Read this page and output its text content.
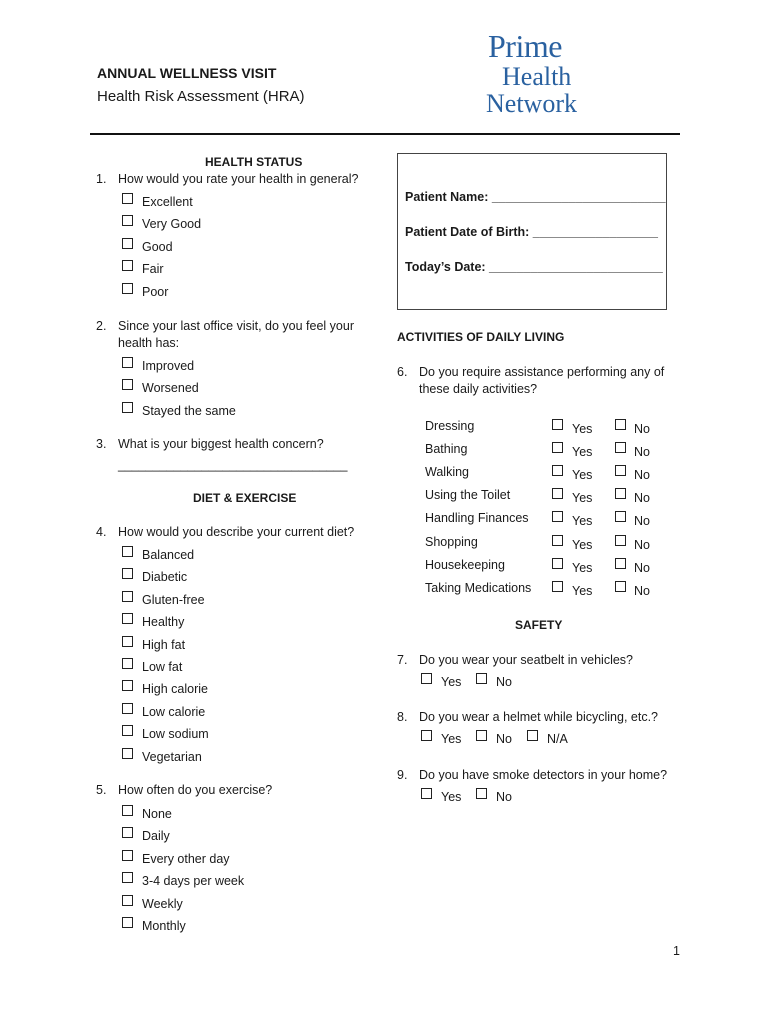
ANNUAL WELLNESS VISIT
Health Risk Assessment (HRA)
Prime
Health
Network
Patient Name: _________________________
Patient Date of Birth: __________________
Today’s Date: _________________________
HEALTH STATUS
1. How would you rate your health in general?
Excellent
Very Good
Good
Fair
Poor
2. Since your last office visit, do you feel your
health has:
Improved
Worsened
Stayed the same
3. What is your biggest health concern?
_________________________________
DIET & EXERCISE
4. How would you describe your current diet?
Balanced
Diabetic
Gluten-free
Healthy
High fat
Low fat
High calorie
Low calorie
Low sodium
Vegetarian
5. How often do you exercise?
None
Daily
Every other day
3-4 days per week
Weekly
Monthly
ACTIVITIES OF DAILY LIVING
6. Do you require assistance performing any of
these daily activities?
Dressing	Yes	No
Bathing	Yes	No
Walking	Yes	No
Using the Toilet	Yes	No
Handling Finances	Yes	No
Shopping	Yes	No
Housekeeping	Yes	No
Taking Medications	Yes	No
SAFETY
7. Do you wear your seatbelt in vehicles?
Yes	No
8. Do you wear a helmet while bicycling, etc.?
Yes	No	N/A
9. Do you have smoke detectors in your home?
Yes	No
1
